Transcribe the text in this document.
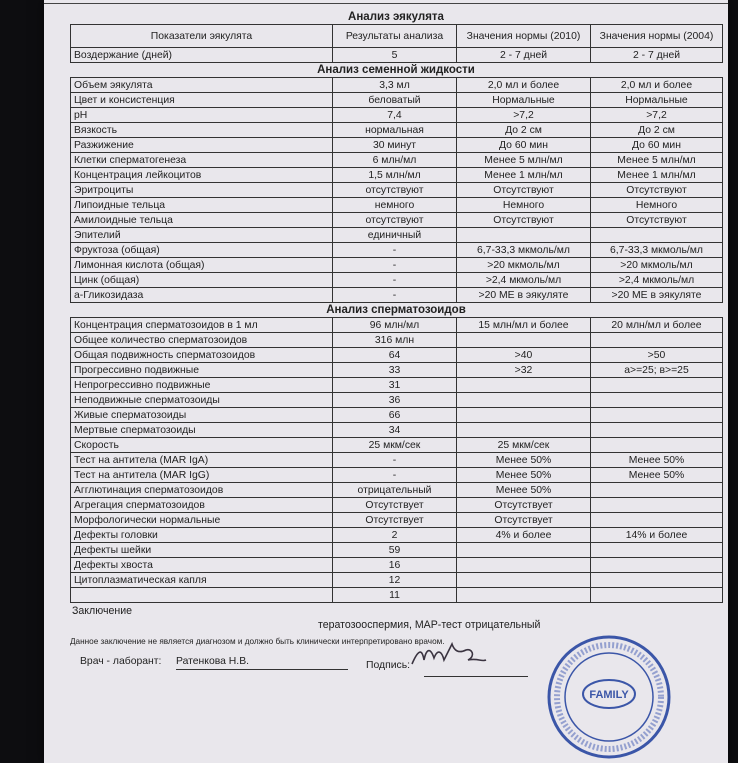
Анализ эякулята
Показатели эякулята	Результаты анализа	Значения нормы (2010)	Значения нормы (2004)
Воздержание (дней)	5	2 - 7 дней	2 - 7 дней
Анализ семенной жидкости
Объем эякулята	3,3 мл	2,0 мл и более	2,0 мл и более
Цвет и консистенция	беловатый	Нормальные	Нормальные
pH	7,4	>7,2	>7,2
Вязкость	нормальная	До 2 см	До 2 см
Разжижение	30 минут	До 60 мин	До 60 мин
Клетки сперматогенеза	6 млн/мл	Менее 5 млн/мл	Менее 5 млн/мл
Концентрация лейкоцитов	1,5 млн/мл	Менее 1 млн/мл	Менее 1 млн/мл
Эритроциты	отсутствуют	Отсутствуют	Отсутствуют
Липоидные тельца	немного	Немного	Немного
Амилоидные тельца	отсутствуют	Отсутствуют	Отсутствуют
Эпителий	единичный		
Фруктоза (общая)	-	6,7-33,3 мкмоль/мл	6,7-33,3 мкмоль/мл
Лимонная кислота (общая)	-	>20 мкмоль/мл	>20 мкмоль/мл
Цинк (общая)	-	>2,4 мкмоль/мл	>2,4 мкмоль/мл
а-Гликозидаза	-	>20 МЕ в эякуляте	>20 МЕ в эякуляте
Анализ сперматозоидов
Концентрация сперматозоидов в 1 мл	96 млн/мл	15 млн/мл и более	20 млн/мл и более
Общее количество сперматозоидов	316 млн		
Общая подвижность сперматозоидов	64	>40	>50
Прогрессивно подвижные	33	>32	a>=25; в>=25
Непрогрессивно подвижные	31		
Неподвижные сперматозоиды	36		
Живые сперматозоиды	66		
Мертвые сперматозоиды	34		
Скорость	25 мкм/сек	25 мкм/сек	
Тест на антитела (MAR IgA)	-	Менее 50%	Менее 50%
Тест на антитела (MAR IgG)	-	Менее 50%	Менее 50%
Агглютинация сперматозоидов	отрицательный	Менее 50%	
Агрегация сперматозоидов	Отсутствует	Отсутствует	
Морфологически нормальные	Отсутствует	Отсутствует	
Дефекты головки	2	4% и более	14% и более
Дефекты шейки	59		
Дефекты хвоста	16		
Цитоплазматическая капля	12		
	11		
Заключение
тератозооспермия, МАР-тест отрицательный
Данное заключение не является диагнозом и должно быть клинически интерпретировано врачом.
Врач - лаборант: Ратенкова Н.В.	Подпись:
FAMILY
